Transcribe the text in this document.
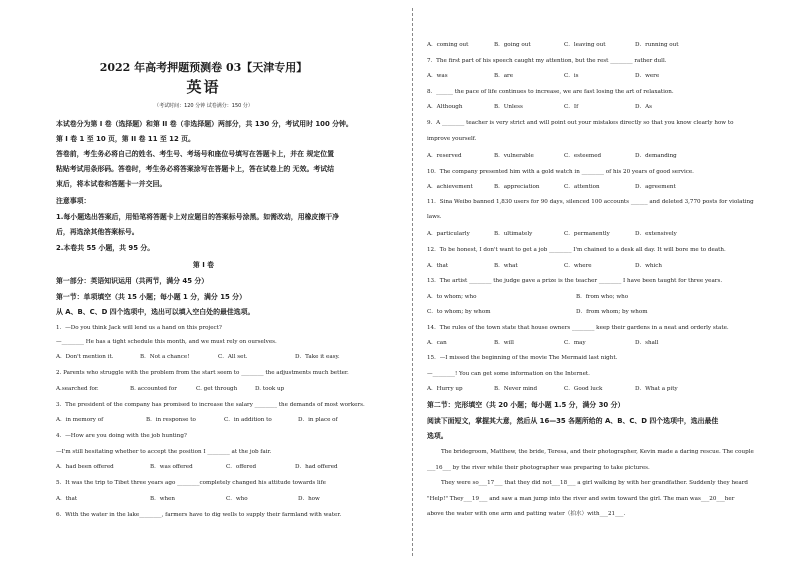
2022 年高考押题预测卷 03【天津专用】
英语
（考试时间：120 分钟 试卷满分：150 分）
本试卷分为第 I 卷（选择题）和第 II 卷（非选择题）两部分，共 130 分，考试用时 100 分钟。
第 I 卷 1 至 10 页，第 II 卷 11 至 12 页。
答卷前，考生务必将自己的姓名、考生号、考场号和座位号填写在答题卡上，并在 规定位置
粘贴考试用条形码。答卷时，考生务必将答案涂写在答题卡上，答在试卷上的 无效。考试结
束后，将本试卷和答题卡一并交回。
注意事项：
1.每小题选出答案后，用铅笔将答题卡上对应题目的答案标号涂黑。如需改动，用橡皮擦干净
后，再选涂其他答案标号。
2.本卷共 55 小题，共 95 分。
第 I 卷
第一部分：英语知识运用（共两节，满分 45 分）
第一节：单项填空（共 15 小题；每小题 1 分，满分 15 分）
从 A、B、C、D 四个选项中，选出可以填入空白处的最佳选项。
1．—Do you think Jack will lend us a hand on this project?
—________ He has a tight schedule this month, and we must rely on ourselves.
A．Don't mention it.	B．Not a chance!	C．All set.	D．Take it easy.
2. Parents who struggle with the problem from the start seem to ________ the adjustments much better.
A.searched for.	B. accounted for	C. get through	D. took up
3．The president of the company has promised to increase the salary ________ the demands of most workers.
A．in memory of	B．in response to	C．in addition to	D．in place of
4．—How are you doing with the job hunting?
—I'm still hesitating whether to accept the position I ________ at the job fair.
A．had been offered	B．was offered	C．offered	D．had offered
5．It was the trip to Tibet three years ago ________completely changed his attitude towards life
A．that	B．when	C．who	D．how
6．With the water in the lake________, farmers have to dig wells to supply their farmland with water.
A．coming out	B．going out	C．leaving out	D．running out
7．The first part of his speech caught my attention, but the rest ________ rather dull.
A．was	B．are	C．is	D．were
8．______ the pace of life continues to increase, we are fast losing the art of relaxation.
A．Although	B．Unless	C．If	D．As
9．A ________ teacher is very strict and will point out your mistakes directly so that you know clearly how to
improve yourself.
A．reserved	B．vulnerable	C．esteemed	D．demanding
10．The company presented him with a gold watch in ________ of his 20 years of good service.
A．achievement	B．appreciation	C．attention	D．agreement
11．Sina Weibo banned 1,830 users for 90 days, silenced 100 accounts ______ and deleted 3,770 posts for violating
laws.
A．particularly	B．ultimately	C．permanently	D．extensively
12．To be honest, I don't want to get a job ________ I'm chained to a desk all day. It will bore me to death.
A．that	B．what	C．where	D．which
13．The artist ________ the judge gave a prize is the teacher ________ I have been taught for three years.
A．to whom; who	B．from who; who
C．to whom; by whom	D．from whom; by whom
14．The rules of the town state that house owners ________ keep their gardens in a neat and orderly state.
A．can	B．will	C．may	D．shall
15．—I missed the beginning of the movie The Mermaid last night.
—________! You can get some information on the Internet.
A．Hurry up	B．Never mind	C．Good luck	D．What a pity
第二节：完形填空（共 20 小题；每小题 1.5 分，满分 30 分）
阅读下面短文，掌握其大意，然后从 16—35 各题所给的 A、B、C、D 四个选项中，选出最佳
选项。
The bridegroom, Matthew, the bride, Teresa, and their photographer, Kevin made a daring rescue. The couple
___16___ by the river while their photographer was preparing to take pictures.
They were so___17___ that they did not___18___ a girl walking by with her grandfather. Suddenly they heard
"Help!" They___19___ and saw a man jump into the river and swim toward the girl. The man was___20___her
above the water with one arm and patting water（拍水）with___21___.
